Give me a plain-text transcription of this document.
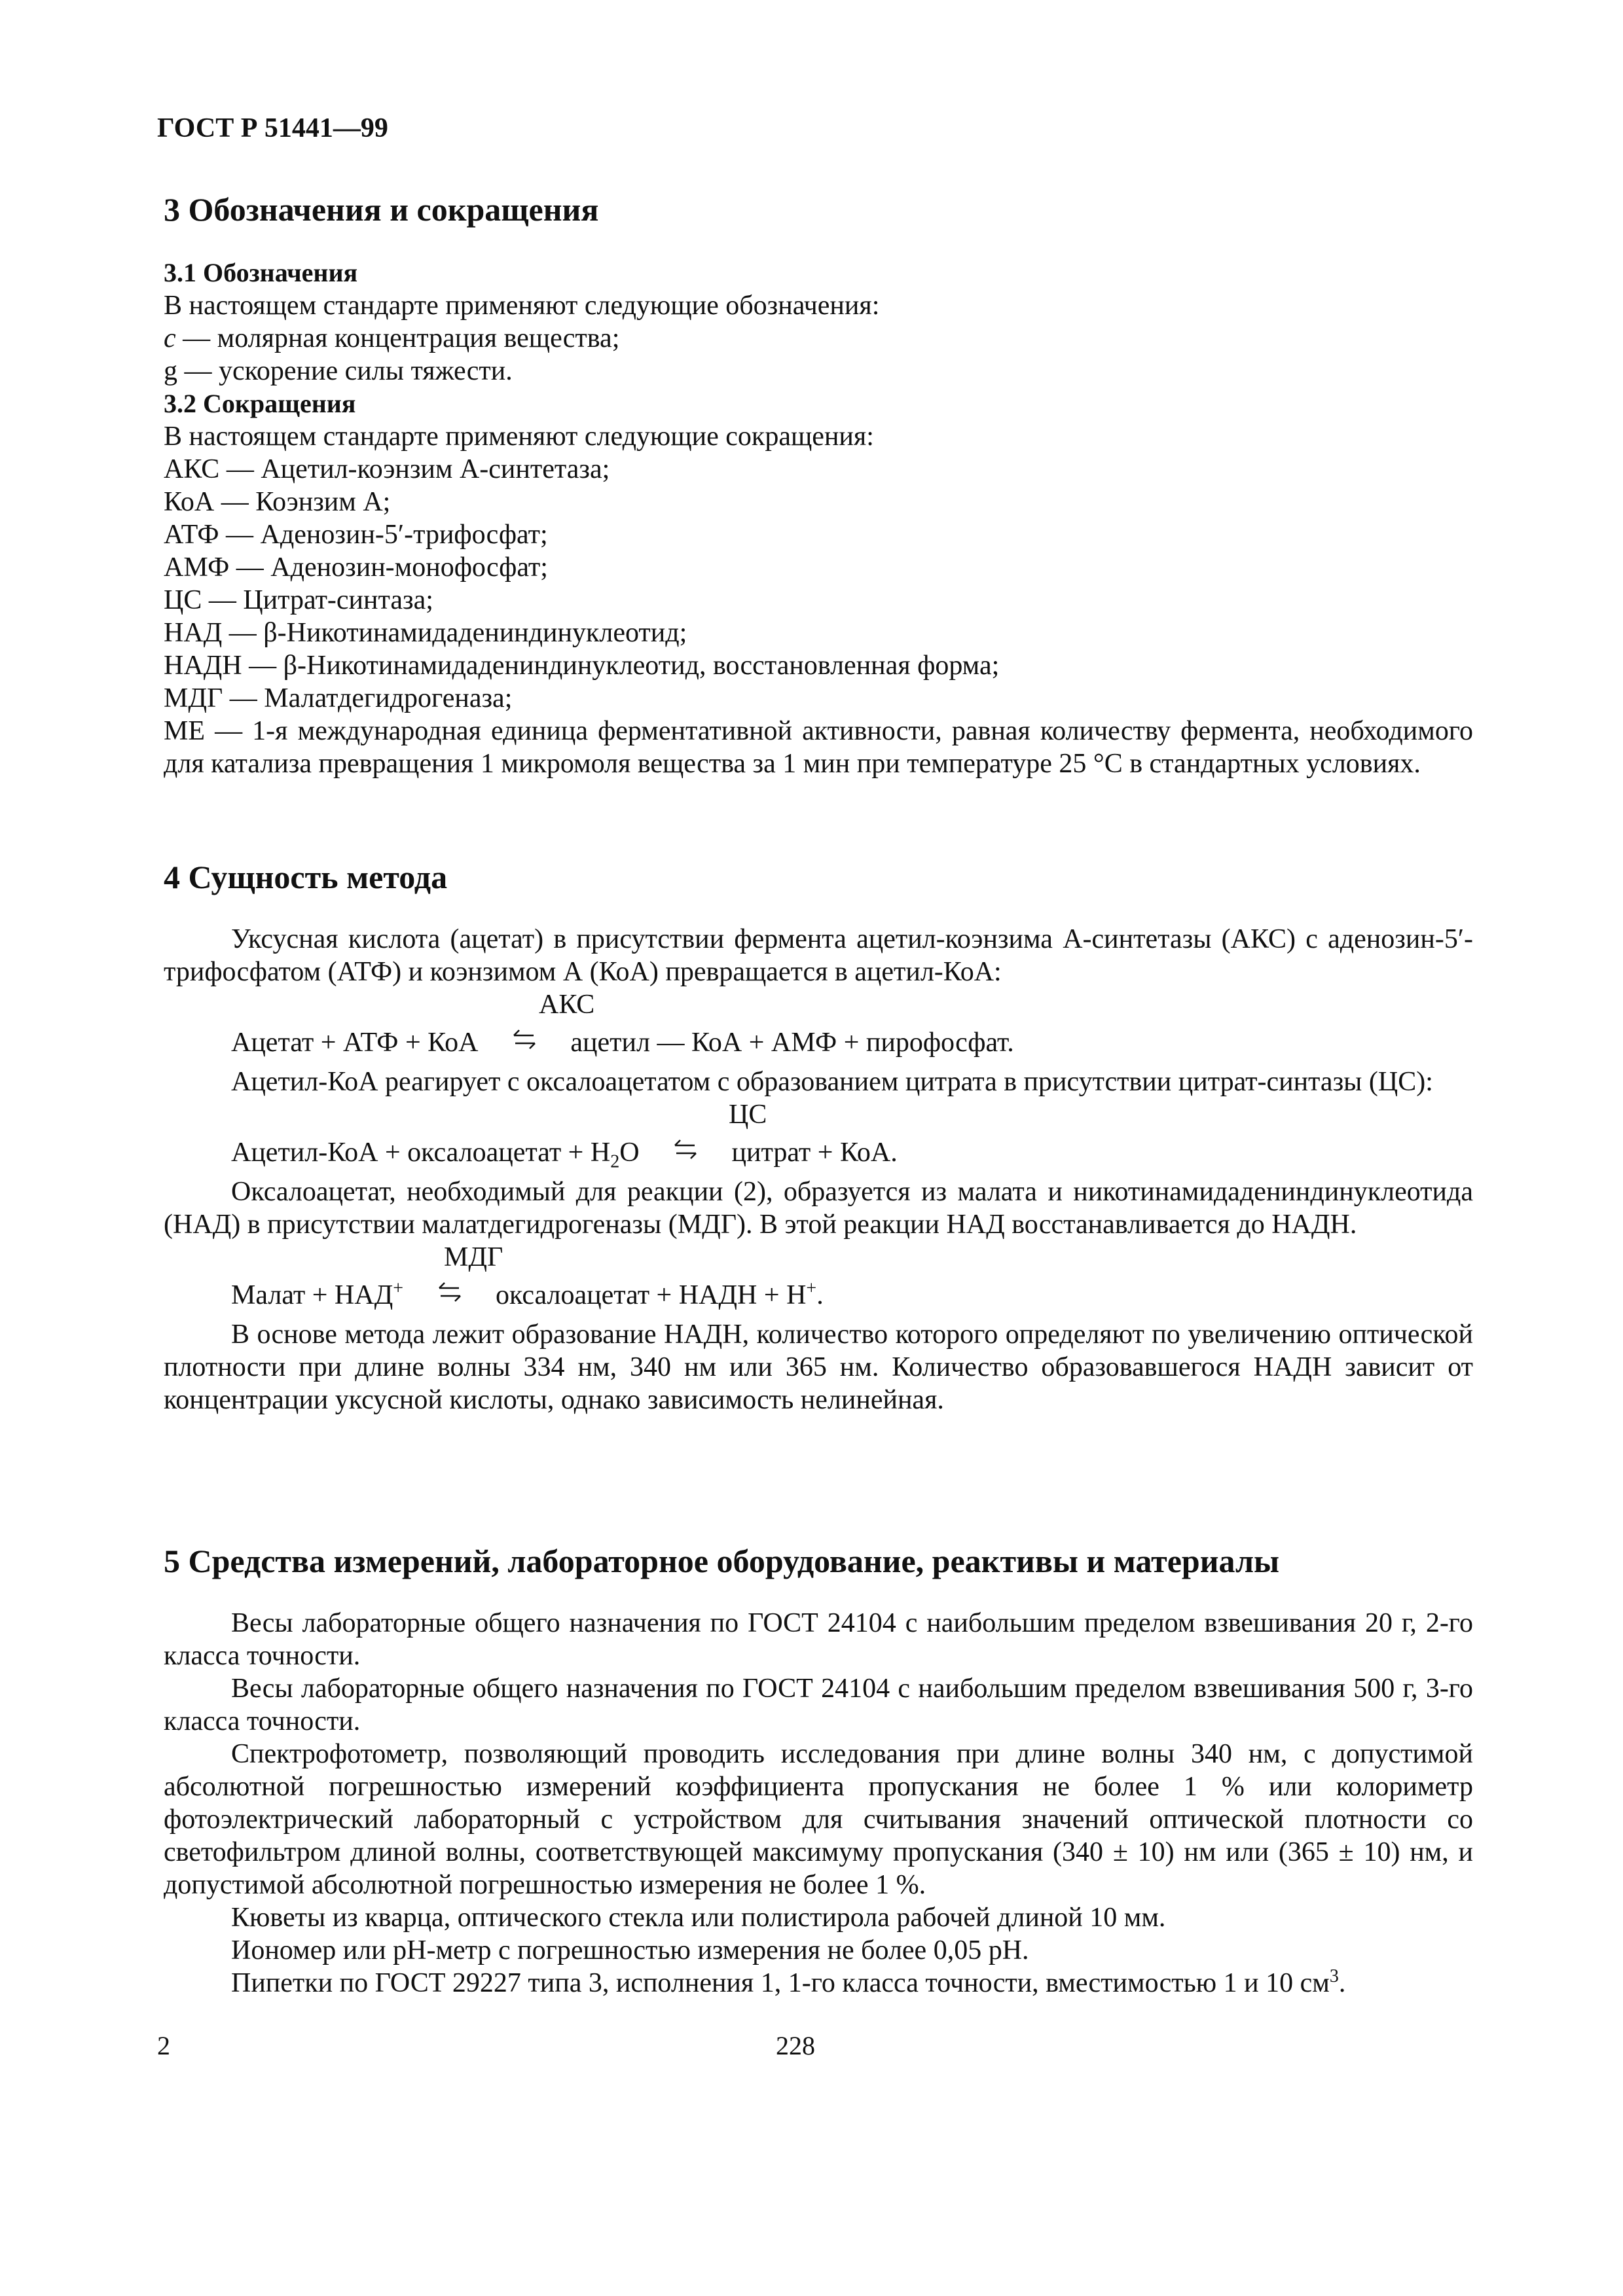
ГОСТ Р 51441—99
3 Обозначения и сокращения
3.1 Обозначения
В настоящем стандарте применяют следующие обозначения:
c — молярная концентрация вещества;
g — ускорение силы тяжести.
3.2 Сокращения
В настоящем стандарте применяют следующие сокращения:
АКС — Ацетил-коэнзим А-синтетаза;
КоА — Коэнзим А;
АТФ — Аденозин-5′-трифосфат;
АМФ — Аденозин-монофосфат;
ЦС — Цитрат-синтаза;
НАД — β-Никотинамидадениндинуклеотид;
НАДН — β-Никотинамидадениндинуклеотид, восстановленная форма;
МДГ — Малатдегидрогеназа;
МЕ — 1-я международная единица ферментативной активности, равная количеству фермента, необходимого для катализа превращения 1 микромоля вещества за 1 мин при температуре 25 °С в стандартных условиях.
4 Сущность метода
Уксусная кислота (ацетат) в присутствии фермента ацетил-коэнзима А-синтетазы (АКС) с аденозин-5′-трифосфатом (АТФ) и коэнзимом А (КоА) превращается в ацетил-КоА:
АКС
Ацетат + АТФ + КоА	ацетил — КоА + АМФ + пирофосфат.
Ацетил-КоА реагирует с оксалоацетатом с образованием цитрата в присутствии цитрат-синтазы (ЦС):
ЦС
Ацетил-КоА + оксалоацетат + $H_2O$	цитрат + КоА.
Оксалоацетат, необходимый для реакции (2), образуется из малата и никотинамидадениндинуклеотида (НАД) в присутствии малатдегидрогеназы (МДГ). В этой реакции НАД восстанавливается до НАДН.
МДГ
Малат + НАД+	оксалоацетат + НАДН + H+.
В основе метода лежит образование НАДН, количество которого определяют по увеличению оптической плотности при длине волны 334 нм, 340 нм или 365 нм. Количество образовавшегося НАДН зависит от концентрации уксусной кислоты, однако зависимость нелинейная.
5 Средства измерений, лабораторное оборудование, реактивы и материалы
Весы лабораторные общего назначения по ГОСТ 24104 с наибольшим пределом взвешивания 20 г, 2-го класса точности.
Весы лабораторные общего назначения по ГОСТ 24104 с наибольшим пределом взвешивания 500 г, 3-го класса точности.
Спектрофотометр, позволяющий проводить исследования при длине волны 340 нм, с допустимой абсолютной погрешностью измерений коэффициента пропускания не более 1 % или колориметр фотоэлектрический лабораторный с устройством для считывания значений оптической плотности со светофильтром длиной волны, соответствующей максимуму пропускания (340 ± 10) нм или (365 ± 10) нм, и допустимой абсолютной погрешностью измерения не более 1 %.
Кюветы из кварца, оптического стекла или полистирола рабочей длиной 10 мм.
Иономер или pH-метр с погрешностью измерения не более 0,05 pH.
Пипетки по ГОСТ 29227 типа 3, исполнения 1, 1-го класса точности, вместимостью 1 и 10 $см^3$.
2	228
